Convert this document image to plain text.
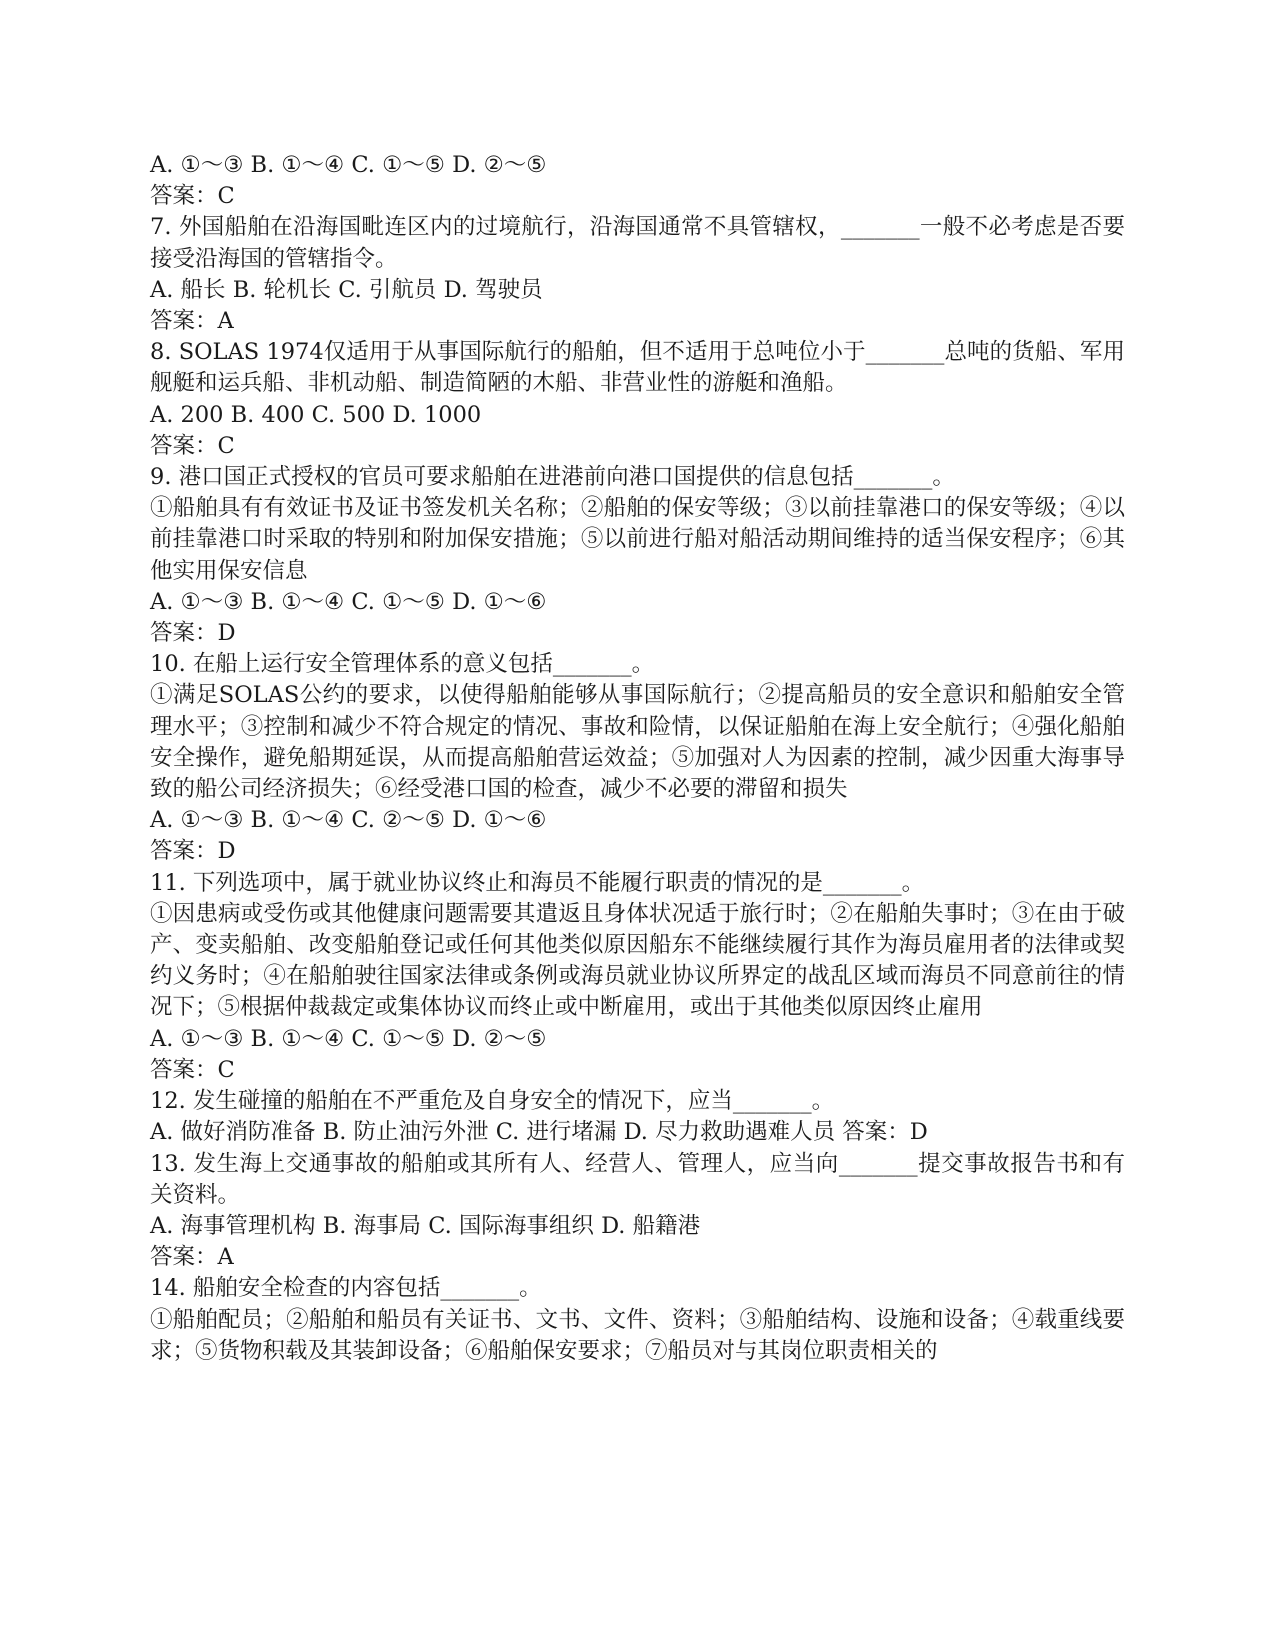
A. ①～③ B. ①～④ C. ①～⑤ D. ②～⑤
答案：C
7. 外国船舶在沿海国毗连区内的过境航行，沿海国通常不具管辖权，_______一般不必考虑是否要接受沿海国的管辖指令。
A. 船长 B. 轮机长 C. 引航员 D. 驾驶员
答案：A
8. SOLAS 1974仅适用于从事国际航行的船舶，但不适用于总吨位小于_______总吨的货船、军用舰艇和运兵船、非机动船、制造简陋的木船、非营业性的游艇和渔船。
A. 200 B. 400 C. 500 D. 1000
答案：C
9. 港口国正式授权的官员可要求船舶在进港前向港口国提供的信息包括_______。
①船舶具有有效证书及证书签发机关名称；②船舶的保安等级；③以前挂靠港口的保安等级；④以前挂靠港口时采取的特别和附加保安措施；⑤以前进行船对船活动期间维持的适当保安程序；⑥其他实用保安信息
A. ①～③ B. ①～④ C. ①～⑤ D. ①～⑥
答案：D
10. 在船上运行安全管理体系的意义包括_______。
①满足SOLAS公约的要求，以使得船舶能够从事国际航行；②提高船员的安全意识和船舶安全管理水平；③控制和减少不符合规定的情况、事故和险情，以保证船舶在海上安全航行；④强化船舶安全操作，避免船期延误，从而提高船舶营运效益；⑤加强对人为因素的控制，减少因重大海事导致的船公司经济损失；⑥经受港口国的检查，减少不必要的滞留和损失
A. ①～③ B. ①～④ C. ②～⑤ D. ①～⑥
答案：D
11. 下列选项中，属于就业协议终止和海员不能履行职责的情况的是_______。
①因患病或受伤或其他健康问题需要其遣返且身体状况适于旅行时；②在船舶失事时；③在由于破产、变卖船舶、改变船舶登记或任何其他类似原因船东不能继续履行其作为海员雇用者的法律或契约义务时；④在船舶驶往国家法律或条例或海员就业协议所界定的战乱区域而海员不同意前往的情况下；⑤根据仲裁裁定或集体协议而终止或中断雇用，或出于其他类似原因终止雇用
A. ①～③ B. ①～④ C. ①～⑤ D. ②～⑤
答案：C
12. 发生碰撞的船舶在不严重危及自身安全的情况下，应当_______。
A. 做好消防准备 B. 防止油污外泄 C. 进行堵漏 D. 尽力救助遇难人员 答案：D
13. 发生海上交通事故的船舶或其所有人、经营人、管理人，应当向_______提交事故报告书和有关资料。
A. 海事管理机构 B. 海事局 C. 国际海事组织 D. 船籍港
答案：A
14. 船舶安全检查的内容包括_______。
①船舶配员；②船舶和船员有关证书、文书、文件、资料；③船舶结构、设施和设备；④载重线要求；⑤货物积载及其装卸设备；⑥船舶保安要求；⑦船员对与其岗位职责相关的
